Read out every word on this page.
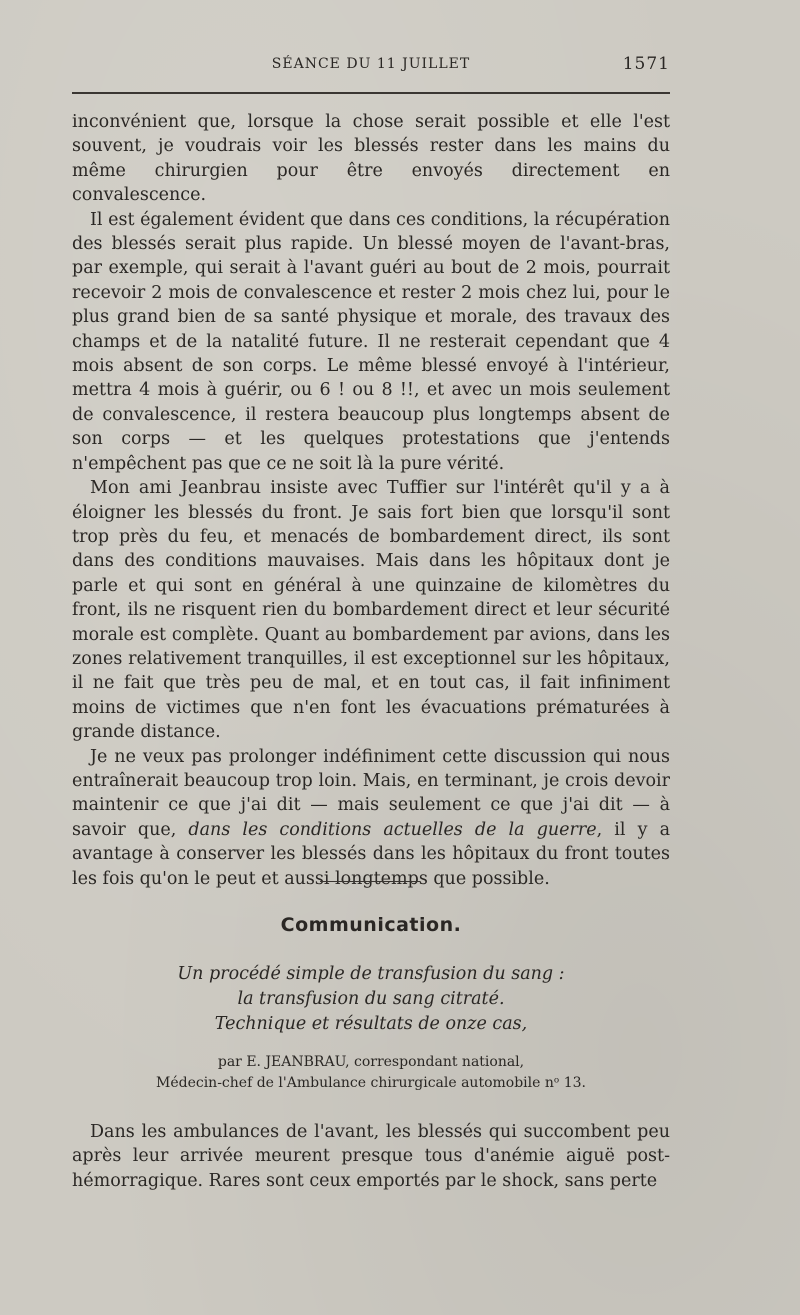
SÉANCE DU 11 JUILLET	1571

inconvénient que, lorsque la chose serait possible et elle l'est souvent, je voudrais voir les blessés rester dans les mains du même chirurgien pour être envoyés directement en convalescence.

Il est également évident que dans ces conditions, la récupération des blessés serait plus rapide. Un blessé moyen de l'avant-bras, par exemple, qui serait à l'avant guéri au bout de 2 mois, pourrait recevoir 2 mois de convalescence et rester 2 mois chez lui, pour le plus grand bien de sa santé physique et morale, des travaux des champs et de la natalité future. Il ne resterait cependant que 4 mois absent de son corps. Le même blessé envoyé à l'intérieur, mettra 4 mois à guérir, ou 6 ! ou 8 !!, et avec un mois seulement de convalescence, il restera beaucoup plus longtemps absent de son corps — et les quelques protestations que j'entends n'empêchent pas que ce ne soit là la pure vérité.

Mon ami Jeanbrau insiste avec Tuffier sur l'intérêt qu'il y a à éloigner les blessés du front. Je sais fort bien que lorsqu'il sont trop près du feu, et menacés de bombardement direct, ils sont dans des conditions mauvaises. Mais dans les hôpitaux dont je parle et qui sont en général à une quinzaine de kilomètres du front, ils ne risquent rien du bombardement direct et leur sécurité morale est complète. Quant au bombardement par avions, dans les zones relativement tranquilles, il est exceptionnel sur les hôpitaux, il ne fait que très peu de mal, et en tout cas, il fait infiniment moins de victimes que n'en font les évacuations prématurées à grande distance.

Je ne veux pas prolonger indéfiniment cette discussion qui nous entraînerait beaucoup trop loin. Mais, en terminant, je crois devoir maintenir ce que j'ai dit — mais seulement ce que j'ai dit — à savoir que, dans les conditions actuelles de la guerre, il y a avantage à conserver les blessés dans les hôpitaux du front toutes les fois qu'on le peut et aussi longtemps que possible.

Communication.
Un procédé simple de transfusion du sang :
la transfusion du sang citraté.
Technique et résultats de onze cas,
par E. JEANBRAU, correspondant national,
Médecin-chef de l'Ambulance chirurgicale automobile nᵒ 13.

Dans les ambulances de l'avant, les blessés qui succombent peu après leur arrivée meurent presque tous d'anémie aiguë post-hémorragique. Rares sont ceux emportés par le shock, sans perte
